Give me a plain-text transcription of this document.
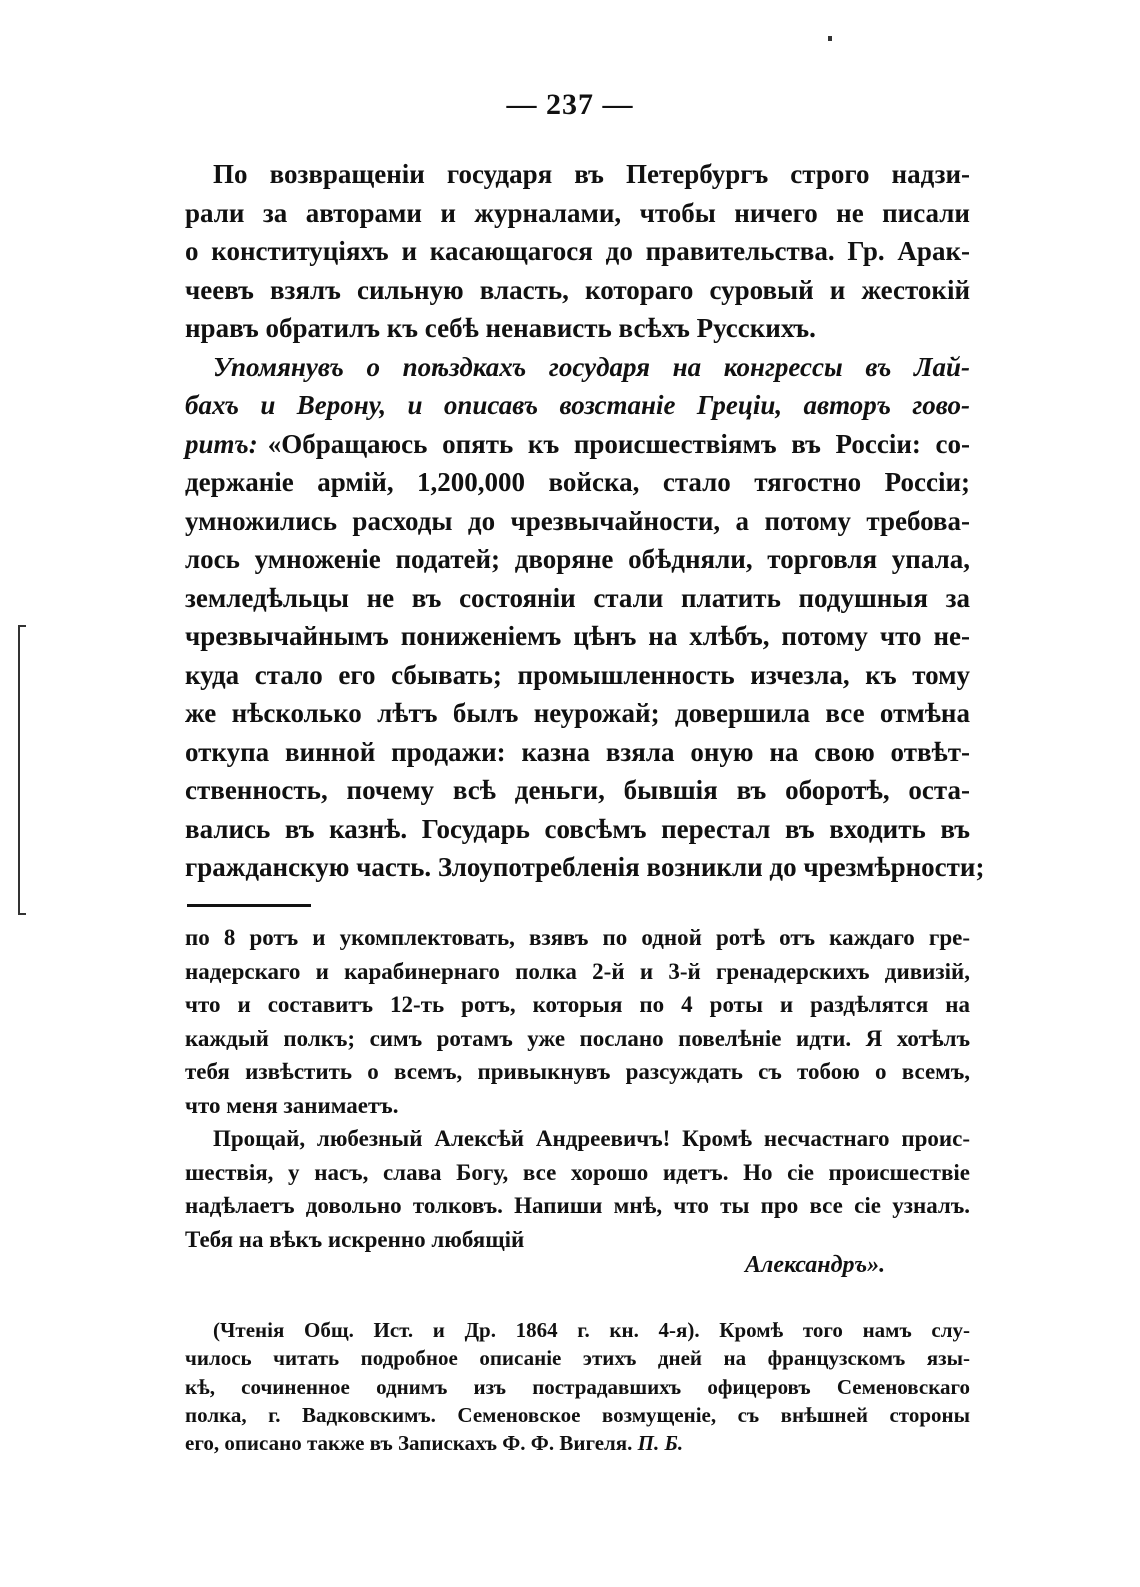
— 237 —
По возвращеніи государя въ Петербургъ строго надзи-
рали за авторами и журналами, чтобы ничего не писали
о конституціяхъ и касающагося до правительства. Гр. Арак-
чеевъ взялъ сильную власть, котораго суровый и жестокій
нравъ обратилъ къ себѣ ненависть всѣхъ Русскихъ.
Упомянувъ о поѣздкахъ государя на конгрессы въ Лай-
бахъ и Верону, и описавъ возстаніе Греціи, авторъ гово-
ритъ: «Обращаюсь опять къ происшествіямъ въ Россіи: со-
держаніе армій, 1,200,000 войска, стало тягостно Россіи;
умножились расходы до чрезвычайности, а потому требова-
лось умноженіе податей; дворяне обѣдняли, торговля упала,
земледѣльцы не въ состояніи стали платить подушныя за
чрезвычайнымъ пониженіемъ цѣнъ на хлѣбъ, потому что не-
куда стало его сбывать; промышленность изчезла, къ тому
же нѣсколько лѣтъ былъ неурожай; довершила все отмѣна
откупа винной продажи: казна взяла оную на свою отвѣт-
ственность, почему всѣ деньги, бывшія въ оборотѣ, оста-
вались въ казнѣ. Государь совсѣмъ перестал въ входить въ
гражданскую часть. Злоупотребленія возникли до чрезмѣрности;
по 8 ротъ и укомплектовать, взявъ по одной ротѣ отъ каждаго гре-
надерскаго и карабинернаго полка 2-й и 3-й гренадерскихъ дивизій,
что и составитъ 12-ть ротъ, которыя по 4 роты и раздѣлятся на
каждый полкъ; симъ ротамъ уже послано повелѣніе идти. Я хотѣлъ
тебя извѣстить о всемъ, привыкнувъ разсуждать съ тобою о всемъ,
что меня занимаетъ.
Прощай, любезный Алексѣй Андреевичъ! Кромѣ несчастнаго проис-
шествія, у насъ, слава Богу, все хорошо идетъ. Но сіе происшествіе
надѣлаетъ довольно толковъ. Напиши мнѣ, что ты про все сіе узналъ.
Тебя на вѣкъ искренно любящій
Александръ».
(Чтенія Общ. Ист. и Др. 1864 г. кн. 4-я). Кромѣ того намъ слу-
чилось читать подробное описаніе этихъ дней на французскомъ язы-
кѣ, сочиненное однимъ изъ пострадавшихъ офицеровъ Семеновскаго
полка, г. Вадковскимъ. Семеновское возмущеніе, съ внѣшней стороны
его, описано также въ Запискахъ Ф. Ф. Вигеля. П. Б.
